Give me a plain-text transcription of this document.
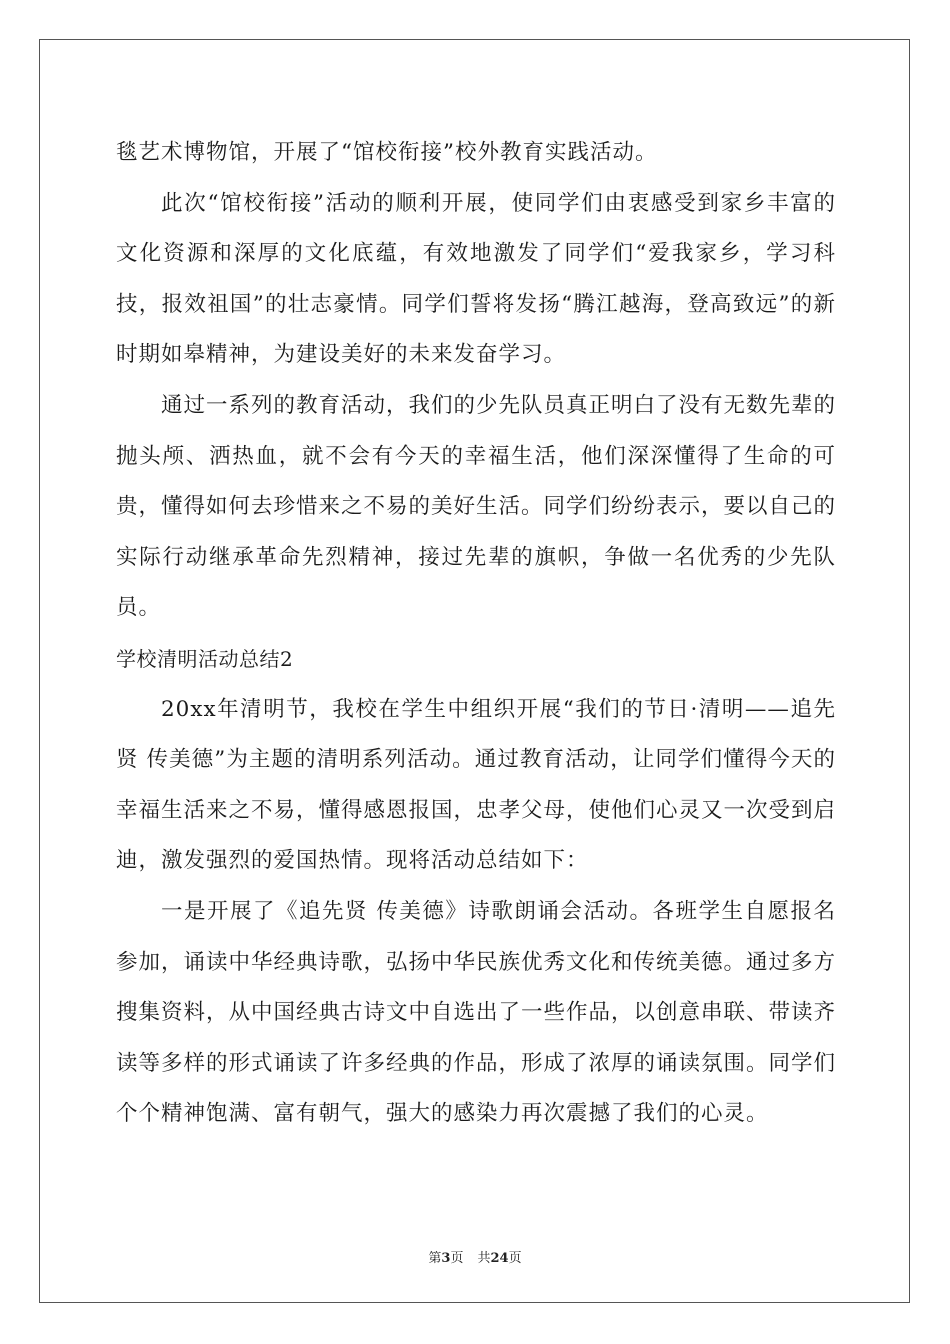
毯艺术博物馆，开展了“馆校衔接”校外教育实践活动。

此次“馆校衔接”活动的顺利开展，使同学们由衷感受到家乡丰富的文化资源和深厚的文化底蕴，有效地激发了同学们“爱我家乡，学习科技，报效祖国”的壮志豪情。同学们誓将发扬“腾江越海，登高致远”的新时期如皋精神，为建设美好的未来发奋学习。

通过一系列的教育活动，我们的少先队员真正明白了没有无数先辈的抛头颅、洒热血，就不会有今天的幸福生活，他们深深懂得了生命的可贵，懂得如何去珍惜来之不易的美好生活。同学们纷纷表示，要以自己的实际行动继承革命先烈精神，接过先辈的旗帜，争做一名优秀的少先队员。

学校清明活动总结2

20xx年清明节，我校在学生中组织开展“我们的节日·清明——追先贤 传美德”为主题的清明系列活动。通过教育活动，让同学们懂得今天的幸福生活来之不易，懂得感恩报国，忠孝父母，使他们心灵又一次受到启迪，激发强烈的爱国热情。现将活动总结如下：

一是开展了《追先贤 传美德》诗歌朗诵会活动。各班学生自愿报名参加，诵读中华经典诗歌，弘扬中华民族优秀文化和传统美德。通过多方搜集资料，从中国经典古诗文中自选出了一些作品，以创意串联、带读齐读等多样的形式诵读了许多经典的作品，形成了浓厚的诵读氛围。同学们个个精神饱满、富有朝气，强大的感染力再次震撼了我们的心灵。

第3页 共24页
